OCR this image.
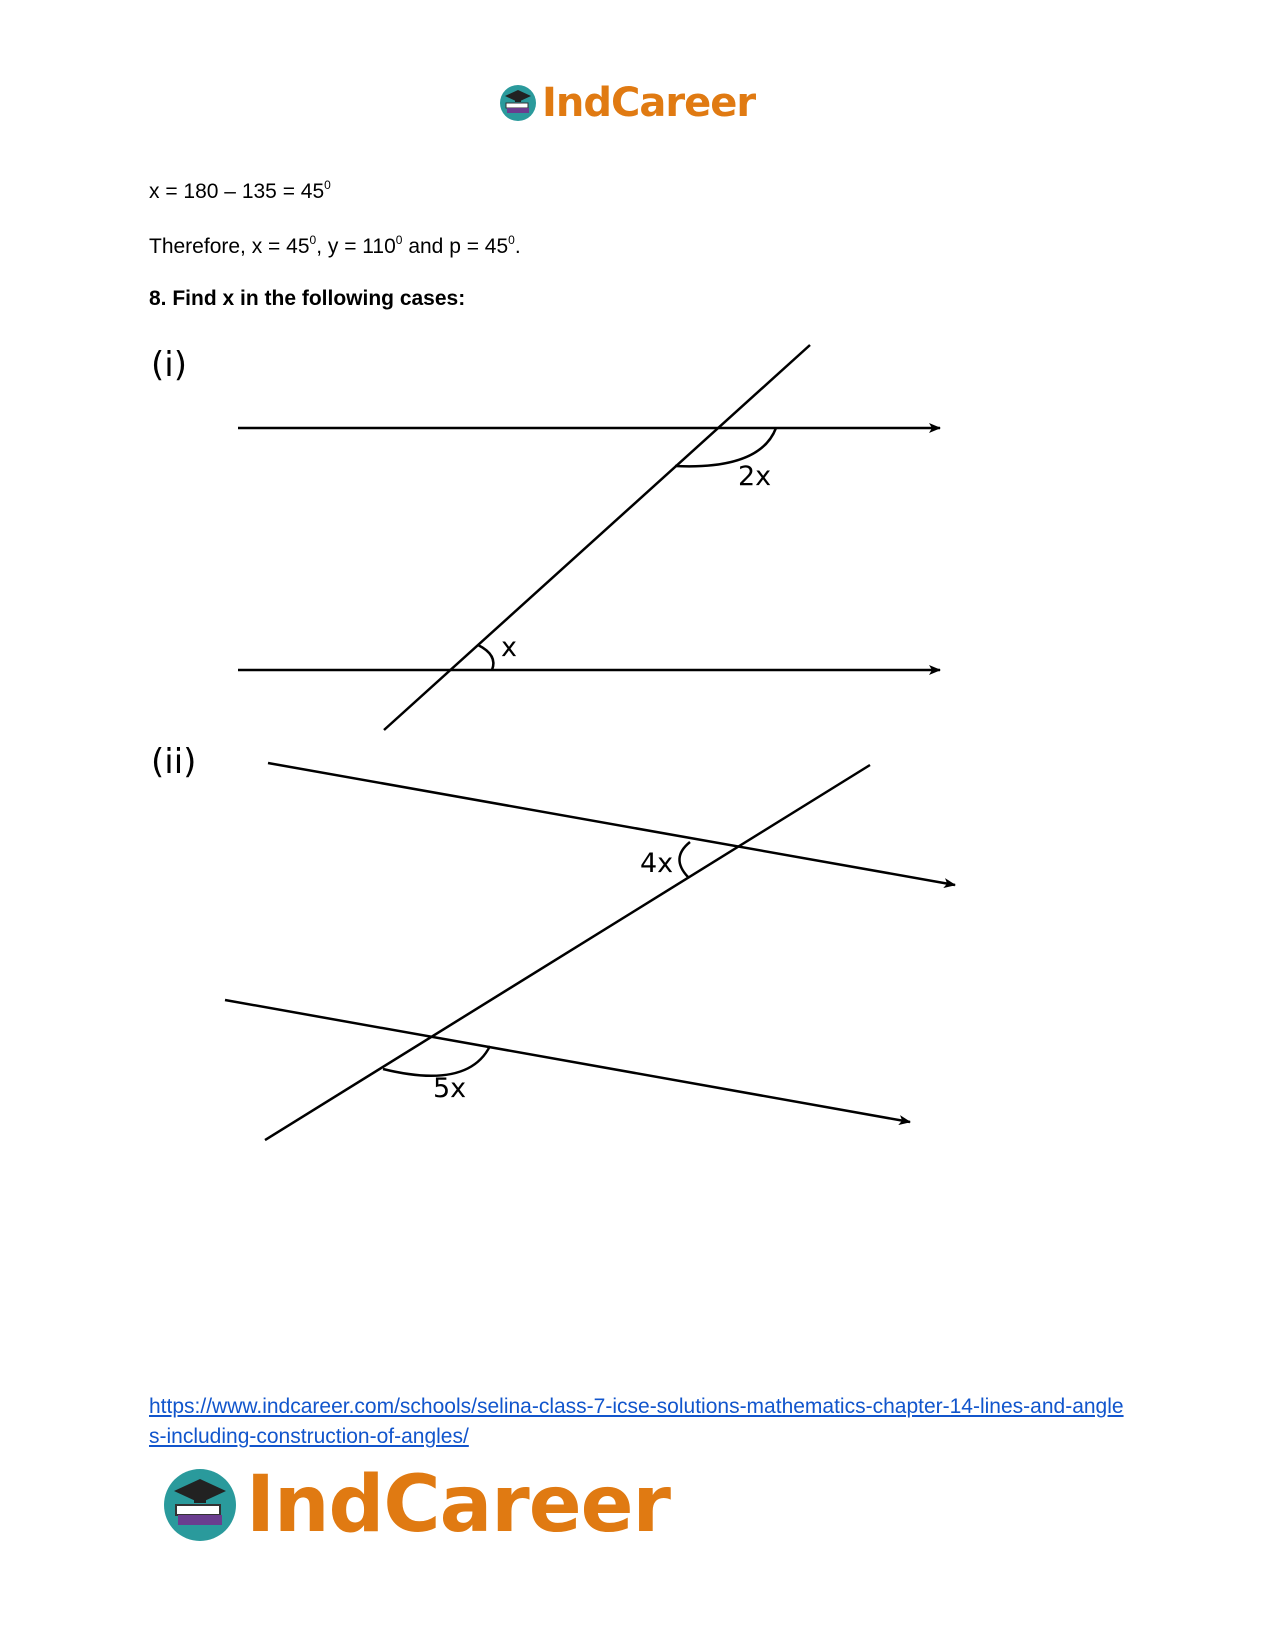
IndCareer
$x = 180 - 135 = 45^0$
Therefore, $x = 45^0$, $y = 110^0$ and $p = 45^0$.
8. Find x in the following cases:
(i)
(ii)
2x
x
4x
5x
https://www.indcareer.com/schools/selina-class-7-icse-solutions-mathematics-chapter-14-lines-and-angles-including-construction-of-angles/
IndCareer
